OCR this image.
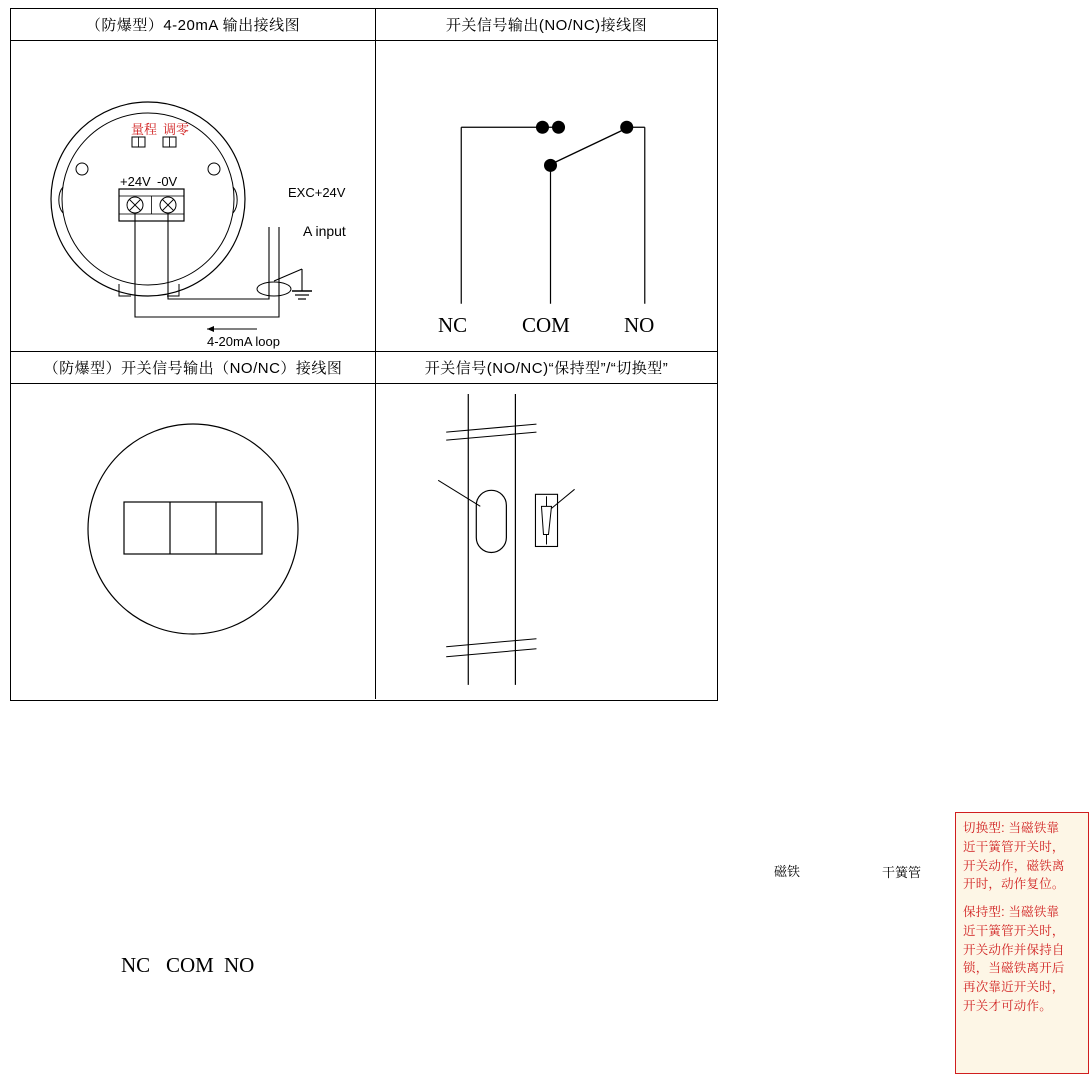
（防爆型）4-20mA 输出接线图	开关信号输出(NO/NC)接线图
量程 调零
+24V -0V
EXC+24V
A input
4-20mA loop
NC	COM	NO
（防爆型）开关信号输出（NO/NC）接线图	开关信号(NO/NC)“保持型”/“切换型”
NC COM NO
磁铁	干簧管

切换型: 当磁铁靠
近干簧管开关时，
开关动作，磁铁离
开时，动作复位。

保持型: 当磁铁靠
近干簧管开关时，
开关动作并保持自
锁，当磁铁离开后
再次靠近开关时，
开关才可动作。
